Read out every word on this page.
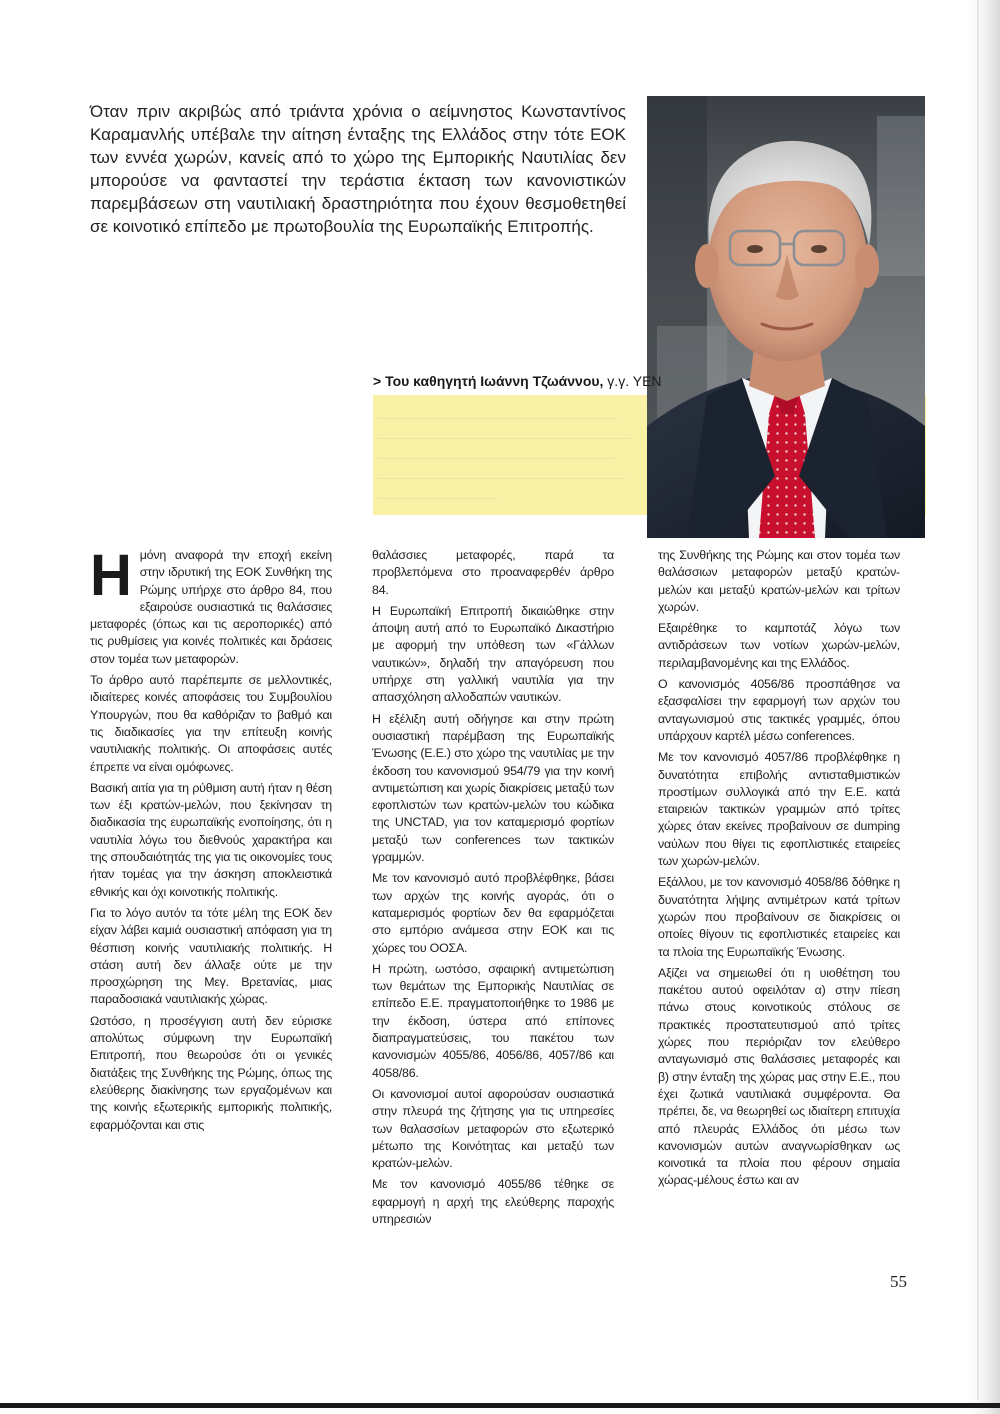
Όταν πριν ακριβώς από τριάντα χρόνια ο αείμνηστος Κωνσταντίνος Καραμανλής υπέβαλε την αίτηση ένταξης της Ελλάδος στην τότε ΕΟΚ των εννέα χωρών, κανείς από το χώρο της Εμπορικής Ναυτιλίας δεν μπορούσε να φανταστεί την τεράστια έκταση των κανονιστικών παρεμβάσεων στη ναυτιλιακή δραστηριότητα που έχουν θεσμοθετηθεί σε κοινοτικό επίπεδο με πρωτοβουλία της Ευρωπαϊκής Επιτροπής.
> Του καθηγητή Ιωάννη Τζωάννου, γ.γ. ΥΕΝ

Ημόνη αναφορά την εποχή εκείνη στην ιδρυτική της ΕΟΚ Συνθήκη της Ρώμης υπήρχε στο άρθρο 84, που εξαιρούσε ουσιαστικά τις θαλάσσιες μεταφορές (όπως και τις αεροπορικές) από τις ρυθμίσεις για κοινές πολιτικές και δράσεις στον τομέα των μεταφορών.

Το άρθρο αυτό παρέπεμπε σε μελλοντικές, ιδιαίτερες κοινές αποφάσεις του Συμβουλίου Υπουργών, που θα καθόριζαν το βαθμό και τις διαδικασίες για την επίτευξη κοινής ναυτιλιακής πολιτικής. Οι αποφάσεις αυτές έπρεπε να είναι ομόφωνες.

Βασική αιτία για τη ρύθμιση αυτή ήταν η θέση των έξι κρατών-μελών, που ξεκίνησαν τη διαδικασία της ευρωπαϊκής ενοποίησης, ότι η ναυτιλία λόγω του διεθνούς χαρακτήρα και της σπουδαιότητάς της για τις οικονομίες τους ήταν τομέας για την άσκηση αποκλειστικά εθνικής και όχι κοινοτικής πολιτικής.

Για το λόγο αυτόν τα τότε μέλη της ΕΟΚ δεν είχαν λάβει καμιά ουσιαστική απόφαση για τη θέσπιση κοινής ναυτιλιακής πολιτικής. Η στάση αυτή δεν άλλαξε ούτε με την προσχώρηση της Μεγ. Βρετανίας, μιας παραδοσιακά ναυτιλιακής χώρας.

Ωστόσο, η προσέγγιση αυτή δεν εύρισκε απολύτως σύμφωνη την Ευρωπαϊκή Επιτροπή, που θεωρούσε ότι οι γενικές διατάξεις της Συνθήκης της Ρώμης, όπως της ελεύθερης διακίνησης των εργαζομένων και της κοινής εξωτερικής εμπορικής πολιτικής, εφαρμόζονται και στις

θαλάσσιες μεταφορές, παρά τα προβλεπόμενα στο προαναφερθέν άρθρο 84.

Η Ευρωπαϊκή Επιτροπή δικαιώθηκε στην άποψη αυτή από το Ευρωπαϊκό Δικαστήριο με αφορμή την υπόθεση των «Γάλλων ναυτικών», δηλαδή την απαγόρευση που υπήρχε στη γαλλική ναυτιλία για την απασχόληση αλλοδαπών ναυτικών.

Η εξέλιξη αυτή οδήγησε και στην πρώτη ουσιαστική παρέμβαση της Ευρωπαϊκής Ένωσης (Ε.Ε.) στο χώρο της ναυτιλίας με την έκδοση του κανονισμού 954/79 για την κοινή αντιμετώπιση και χωρίς διακρίσεις μεταξύ των εφοπλιστών των κρατών-μελών του κώδικα της UNCTAD, για τον καταμερισμό φορτίων μεταξύ των conferences των τακτικών γραμμών.

Με τον κανονισμό αυτό προβλέφθηκε, βάσει των αρχών της κοινής αγοράς, ότι ο καταμερισμός φορτίων δεν θα εφαρμόζεται στο εμπόριο ανάμεσα στην ΕΟΚ και τις χώρες του ΟΟΣΑ.

Η πρώτη, ωστόσο, σφαιρική αντιμετώπιση των θεμάτων της Εμπορικής Ναυτιλίας σε επίπεδο Ε.Ε. πραγματοποιήθηκε το 1986 με την έκδοση, ύστερα από επίπονες διαπραγματεύσεις, του πακέτου των κανονισμών 4055/86, 4056/86, 4057/86 και 4058/86.

Οι κανονισμοί αυτοί αφορούσαν ουσιαστικά στην πλευρά της ζήτησης για τις υπηρεσίες των θαλασσίων μεταφορών στο εξωτερικό μέτωπο της Κοινότητας και μεταξύ των κρατών-μελών.

Με τον κανονισμό 4055/86 τέθηκε σε εφαρμογή η αρχή της ελεύθερης παροχής υπηρεσιών

της Συνθήκης της Ρώμης και στον τομέα των θαλάσσιων μεταφορών μεταξύ κρατών-μελών και μεταξύ κρατών-μελών και τρίτων χωρών.

Εξαιρέθηκε το καμποτάζ λόγω των αντιδράσεων των νοτίων χωρών-μελών, περιλαμβανομένης και της Ελλάδος.

Ο κανονισμός 4056/86 προσπάθησε να εξασφαλίσει την εφαρμογή των αρχών του ανταγωνισμού στις τακτικές γραμμές, όπου υπάρχουν καρτέλ μέσω conferences.

Με τον κανονισμό 4057/86 προβλέφθηκε η δυνατότητα επιβολής αντισταθμιστικών προστίμων συλλογικά από την Ε.Ε. κατά εταιρειών τακτικών γραμμών από τρίτες χώρες όταν εκείνες προβαίνουν σε dumping ναύλων που θίγει τις εφοπλιστικές εταιρείες των χωρών-μελών.

Εξάλλου, με τον κανονισμό 4058/86 δόθηκε η δυνατότητα λήψης αντιμέτρων κατά τρίτων χωρών που προβαίνουν σε διακρίσεις οι οποίες θίγουν τις εφοπλιστικές εταιρείες και τα πλοία της Ευρωπαϊκής Ένωσης.

Αξίζει να σημειωθεί ότι η υιοθέτηση του πακέτου αυτού οφειλόταν α) στην πίεση πάνω στους κοινοτικούς στόλους σε πρακτικές προστατευτισμού από τρίτες χώρες που περιόριζαν τον ελεύθερο ανταγωνισμό στις θαλάσσιες μεταφορές και β) στην ένταξη της χώρας μας στην Ε.Ε., που έχει ζωτικά ναυτιλιακά συμφέροντα. Θα πρέπει, δε, να θεωρηθεί ως ιδιαίτερη επιτυχία από πλευράς Ελλάδος ότι μέσω των κανονισμών αυτών αναγνωρίσθηκαν ως κοινοτικά τα πλοία που φέρουν σημαία χώρας-μέλους έστω και αν

55
